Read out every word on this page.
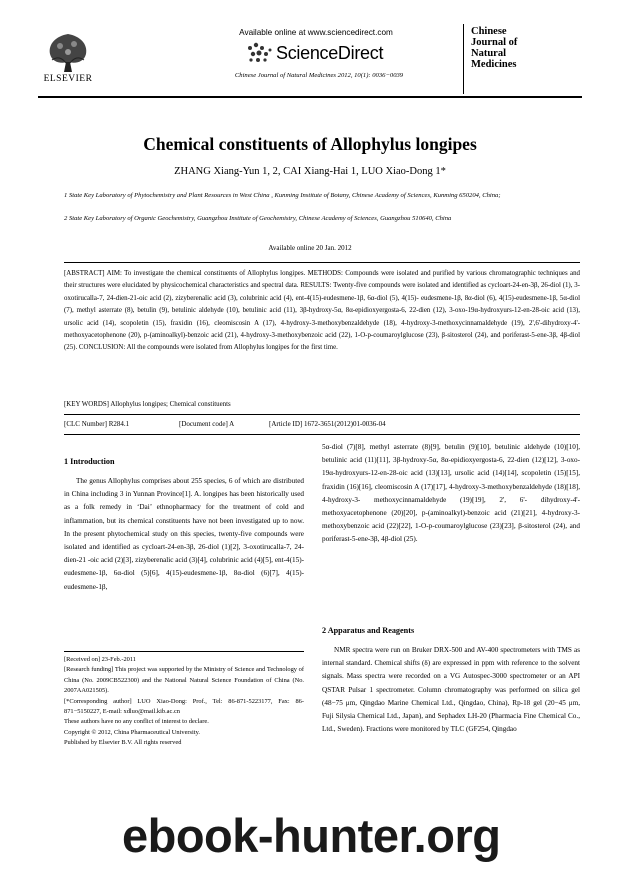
Available online at www.sciencedirect.com
ScienceDirect
ELSEVIER	Chinese Journal of Natural Medicines 2012, 10(1): 0036−0039
Chinese
Journal of
Natural
Medicines
Chemical constituents of Allophylus longipes
ZHANG Xiang-Yun 1, 2, CAI Xiang-Hai 1, LUO Xiao-Dong 1*
1 State Key Laboratory of Phytochemistry and Plant Resources in West China , Kunming Institute of Botany, Chinese Academy of Sciences, Kunming 650204, China;
2 State Key Laboratory of Organic Geochemistry, Guangzhou Institute of Geochemistry, Chinese Academy of Sciences, Guangzhou 510640, China
Available online 20 Jan. 2012
[ABSTRACT] AIM: To investigate the chemical constituents of Allophylus longipes. METHODS: Compounds were isolated and purified by various chromatographic techniques and their structures were elucidated by physicochemical characteristics and spectral data. RESULTS: Twenty-five compounds were isolated and identified as cycloart-24-en-3β, 26-diol (1), 3-oxotirucalla-7, 24-dien-21-oic acid (2), zizyberenalic acid (3), colubrinic acid (4), ent-4(15)-eudesmene-1β, 6α-diol (5), 4(15)- eudesmene-1β, 8α-diol (6), 4(15)-eudesmene-1β, 5α-diol (7), methyl asterrate (8), betulin (9), betulinic aldehyde (10), betulinic acid (11), 3β-hydroxy-5α, 8α-epidioxyergosta-6, 22-dien (12), 3-oxo-19α-hydroxyurs-12-en-28-oic acid (13), ursolic acid (14), scopoletin (15), fraxidin (16), cleomiscosin A (17), 4-hydroxy-3-methoxybenzaldehyde (18), 4-hydroxy-3-methoxycinnamaldehyde (19), 2',6'-dihydroxy-4'-methoxyacetophenone (20), p-(aminoalkyl)-benzoic acid (21), 4-hydroxy-3-methoxybenzoic acid (22), 1-O-p-coumaroylglucose (23), β-sitosterol (24), and poriferast-5-ene-3β, 4β-diol (25). CONCLUSION: All the compounds were isolated from Allophylus longipes for the first time.
[KEY WORDS] Allophylus longipes; Chemical constituents
[CLC Number] R284.1	[Document code] A	[Article ID] 1672-3651(2012)01-0036-04
1 Introduction

The genus Allophylus comprises about 255 species, 6 of which are distributed in China including 3 in Yunnan Province[1]. A. longipes has been historically used as a folk remedy in ‘Dai’ ethnopharmacy for the treatment of cold and inflammation, but its chemical constituents have not been investigated up to now. In the present phytochemical study on this species, twenty-five compounds were isolated and identified as cycloart-24-en-3β, 26-diol (1)[2], 3-oxotirucalla-7, 24-dien-21 -oic acid (2)[3], zizyberenalic acid (3)[4], colubrinic acid (4)[5], ent-4(15)-eudesmene-1β, 6α-diol (5)[6], 4(15)-eudesmene-1β, 8α-diol (6)[7], 4(15)-eudesmene-1β,

5α-diol (7)[8], methyl asterrate (8)[9], betulin (9)[10], betulinic aldehyde (10)[10], betulinic acid (11)[11], 3β-hydroxy-5α, 8α-epidioxyergosta-6, 22-dien (12)[12], 3-oxo-19α-hydroxyurs-12-en-28-oic acid (13)[13], ursolic acid (14)[14], scopoletin (15)[15], fraxidin (16)[16], cleomiscosin A (17)[17], 4-hydroxy-3-methoxybenzaldehyde (18)[18], 4-hydroxy-3- methoxycinnamaldehyde (19)[19], 2', 6'- dihydroxy-4'-methoxyacetophenone (20)[20], p-(aminoalkyl)-benzoic acid (21)[21], 4-hydroxy-3-methoxybenzoic acid (22)[22], 1-O-p-coumaroylglucose (23)[23], β-sitosterol (24), and poriferast-5-ene-3β, 4β-diol (25).

2 Apparatus and Reagents

NMR spectra were run on Bruker DRX-500 and AV-400 spectrometers with TMS as internal standard. Chemical shifts (δ) are expressed in ppm with reference to the solvent signals. Mass spectra were recorded on a VG Autospec-3000 spectrometer or an API QSTAR Pulsar 1 spectrometer. Column chromatography was performed on silica gel (48−75 μm, Qingdao Marine Chemical Ltd., Qingdao, China), Rp-18 gel (20−45 μm, Fuji Silysia Chemical Ltd., Japan), and Sephadex LH-20 (Pharmacia Fine Chemical Co., Ltd., Sweden). Fractions were monitored by TLC (GF254, Qingdao

[Received on] 23-Feb.-2011
[Research funding] This project was supported by the Ministry of Science and Technology of China (No. 2009CB522300) and the National Natural Science Foundation of China (No. 2007AA021505).
[*Corresponding author] LUO Xiao-Dong: Prof., Tel: 86-871-5223177, Fax: 86-871−5150227, E-mail: xdluo@mail.kib.ac.cn
These authors have no any conflict of interest to declare.
Copyright © 2012, China Pharmaceutical University.
Published by Elsevier B.V. All rights reserved
ebook-hunter.org
